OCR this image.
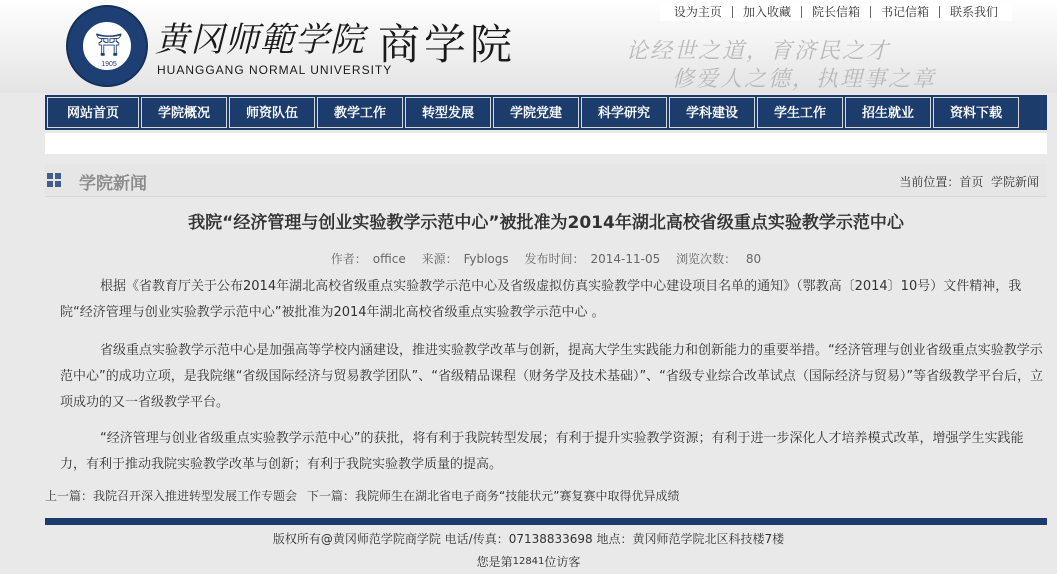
⛩
1905
黄冈师範学院
HUANGGANG NORMAL UNIVERSITY
商学院	论经世之道，育济民之才
修爱人之德，执理事之章
设为主页	加入收藏	院长信箱	书记信箱	联系我们
网站首页	学院概况	师资队伍	教学工作	转型发展	学院党建	科学研究	学科建设	学生工作	招生就业	资料下载
学院新闻	当前位置：首页 学院新闻
我院“经济管理与创业实验教学示范中心”被批准为2014年湖北高校省级重点实验教学示范中心
作者： office 来源： Fyblogs 发布时间： 2014-11-05 浏览次数： 80

根据《省教育厅关于公布2014年湖北高校省级重点实验教学示范中心及省级虚拟仿真实验教学中心建设项目名单的通知》（鄂教高〔2014〕10号）文件精神，我院“经济管理与创业实验教学示范中心”被批准为2014年湖北高校省级重点实验教学示范中心 。

省级重点实验教学示范中心是加强高等学校内涵建设，推进实验教学改革与创新，提高大学生实践能力和创新能力的重要举措。“经济管理与创业省级重点实验教学示范中心”的成功立项，是我院继“省级国际经济与贸易教学团队”、“省级精品课程（财务学及技术基础）”、“省级专业综合改革试点（国际经济与贸易）”等省级教学平台后，立项成功的又一省级教学平台。

“经济管理与创业省级重点实验教学示范中心”的获批，将有利于我院转型发展；有利于提升实验教学资源；有利于进一步深化人才培养模式改革，增强学生实践能力，有利于推动我院实验教学改革与创新；有利于我院实验教学质量的提高。

上一篇：我院召开深入推进转型发展工作专题会 下一篇：我院师生在湖北省电子商务“技能状元”赛复赛中取得优异成绩
版权所有@黄冈师范学院商学院 电话/传真：07138833698 地点：黄冈师范学院北区科技楼7楼
您是第12841位访客
